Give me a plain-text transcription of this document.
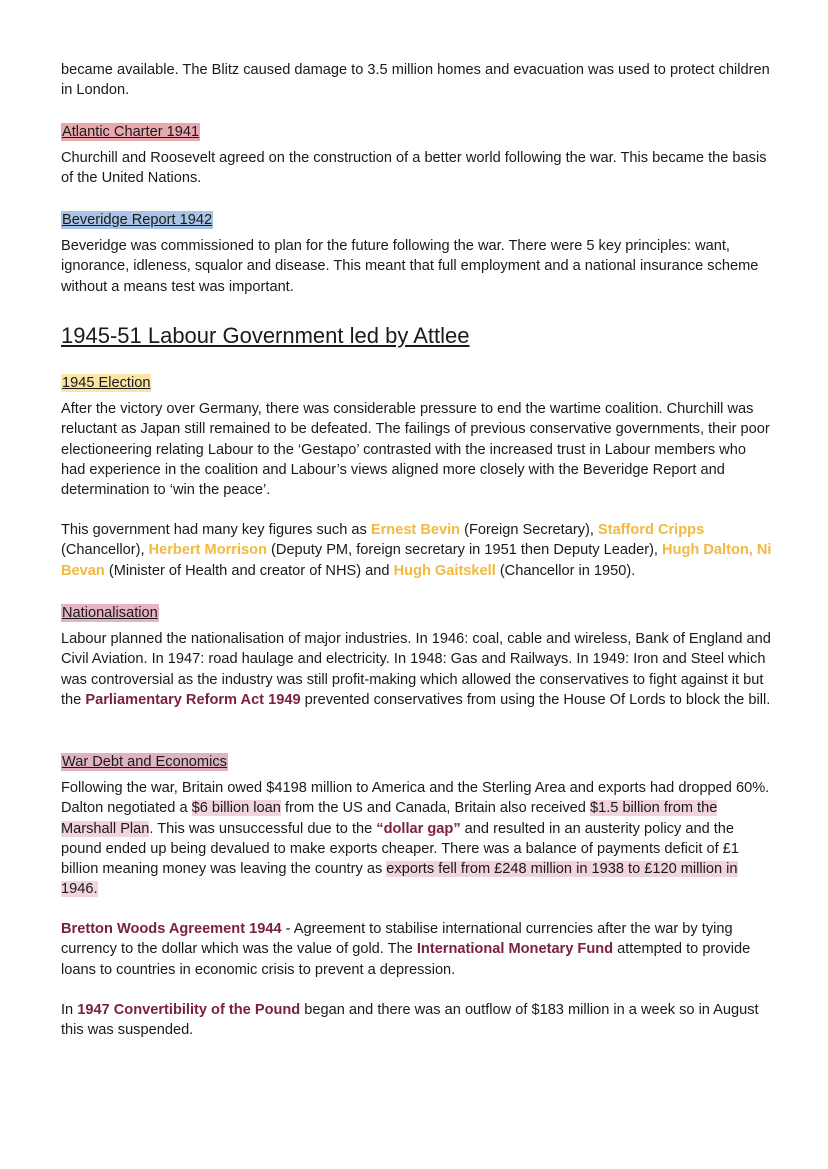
became available. The Blitz caused damage to 3.5 million homes and evacuation was used to protect children in London.

Atlantic Charter 1941

Churchill and Roosevelt agreed on the construction of a better world following the war. This became the basis of the United Nations.

Beveridge Report 1942

Beveridge was commissioned to plan for the future following the war. There were 5 key principles: want, ignorance, idleness, squalor and disease. This meant that full employment and a national insurance scheme without a means test was important.

1945-51 Labour Government led by Attlee

1945 Election

After the victory over Germany, there was considerable pressure to end the wartime coalition. Churchill was reluctant as Japan still remained to be defeated. The failings of previous conservative governments, their poor electioneering relating Labour to the ‘Gestapo’ contrasted with the increased trust in Labour members who had experience in the coalition and Labour’s views aligned more closely with the Beveridge Report and determination to ‘win the peace’.

This government had many key figures such as Ernest Bevin (Foreign Secretary), Stafford Cripps (Chancellor), Herbert Morrison (Deputy PM, foreign secretary in 1951 then Deputy Leader), Hugh Dalton, Ni Bevan (Minister of Health and creator of NHS) and Hugh Gaitskell (Chancellor in 1950).

Nationalisation

Labour planned the nationalisation of major industries. In 1946: coal, cable and wireless, Bank of England and Civil Aviation. In 1947: road haulage and electricity. In 1948: Gas and Railways. In 1949: Iron and Steel which was controversial as the industry was still profit-making which allowed the conservatives to fight against it but the Parliamentary Reform Act 1949 prevented conservatives from using the House Of Lords to block the bill.

War Debt and Economics

Following the war, Britain owed $4198 million to America and the Sterling Area and exports had dropped 60%. Dalton negotiated a $6 billion loan from the US and Canada, Britain also received $1.5 billion from the Marshall Plan. This was unsuccessful due to the “dollar gap” and resulted in an austerity policy and the pound ended up being devalued to make exports cheaper. There was a balance of payments deficit of £1 billion meaning money was leaving the country as exports fell from £248 million in 1938 to £120 million in 1946.

Bretton Woods Agreement 1944 - Agreement to stabilise international currencies after the war by tying currency to the dollar which was the value of gold. The International Monetary Fund attempted to provide loans to countries in economic crisis to prevent a depression.

In 1947 Convertibility of the Pound began and there was an outflow of $183 million in a week so in August this was suspended.
